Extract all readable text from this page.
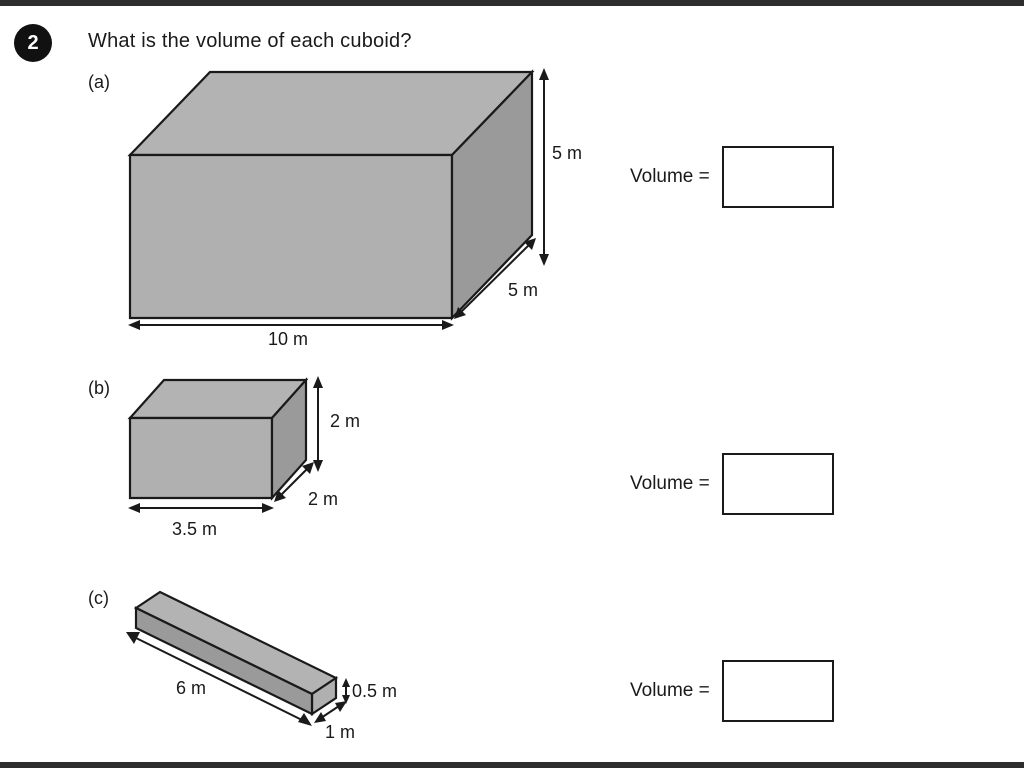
2	What is the volume of each cuboid?
(a)
5 m
5 m
10 m
Volume =
(b)
2 m
2 m
3.5 m
Volume =
(c)
6 m
1 m
0.5 m	Volume =
